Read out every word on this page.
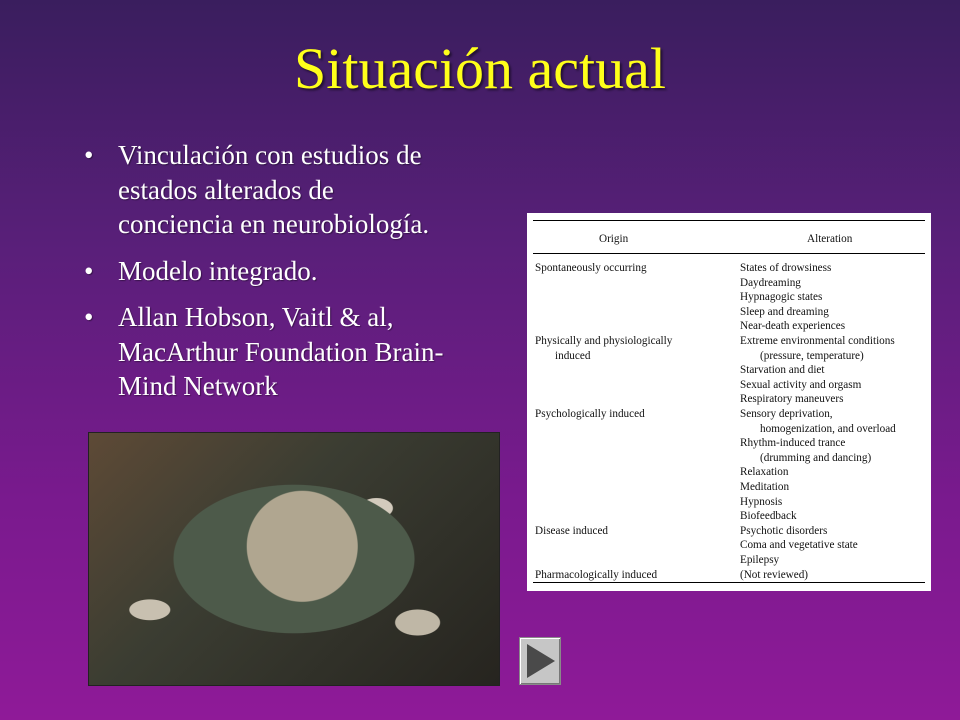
Situación actual
• Vinculación con estudios de
estados alterados de
conciencia en neurobiología.
• Modelo integrado.
• Allan Hobson, Vaitl & al,
MacArthur Foundation Brain-
Mind Network
Origin	Alteration
Spontaneously occurring	States of drowsiness
Daydreaming
Hypnagogic states
Sleep and dreaming
Near-death experiences
Physically and physiologically	Extreme environmental conditions
induced	(pressure, temperature)
Starvation and diet
Sexual activity and orgasm
Respiratory maneuvers
Psychologically induced	Sensory deprivation,
homogenization, and overload
Rhythm-induced trance
(drumming and dancing)
Relaxation
Meditation
Hypnosis
Biofeedback
Disease induced	Psychotic disorders
Coma and vegetative state
Epilepsy
Pharmacologically induced	(Not reviewed)
